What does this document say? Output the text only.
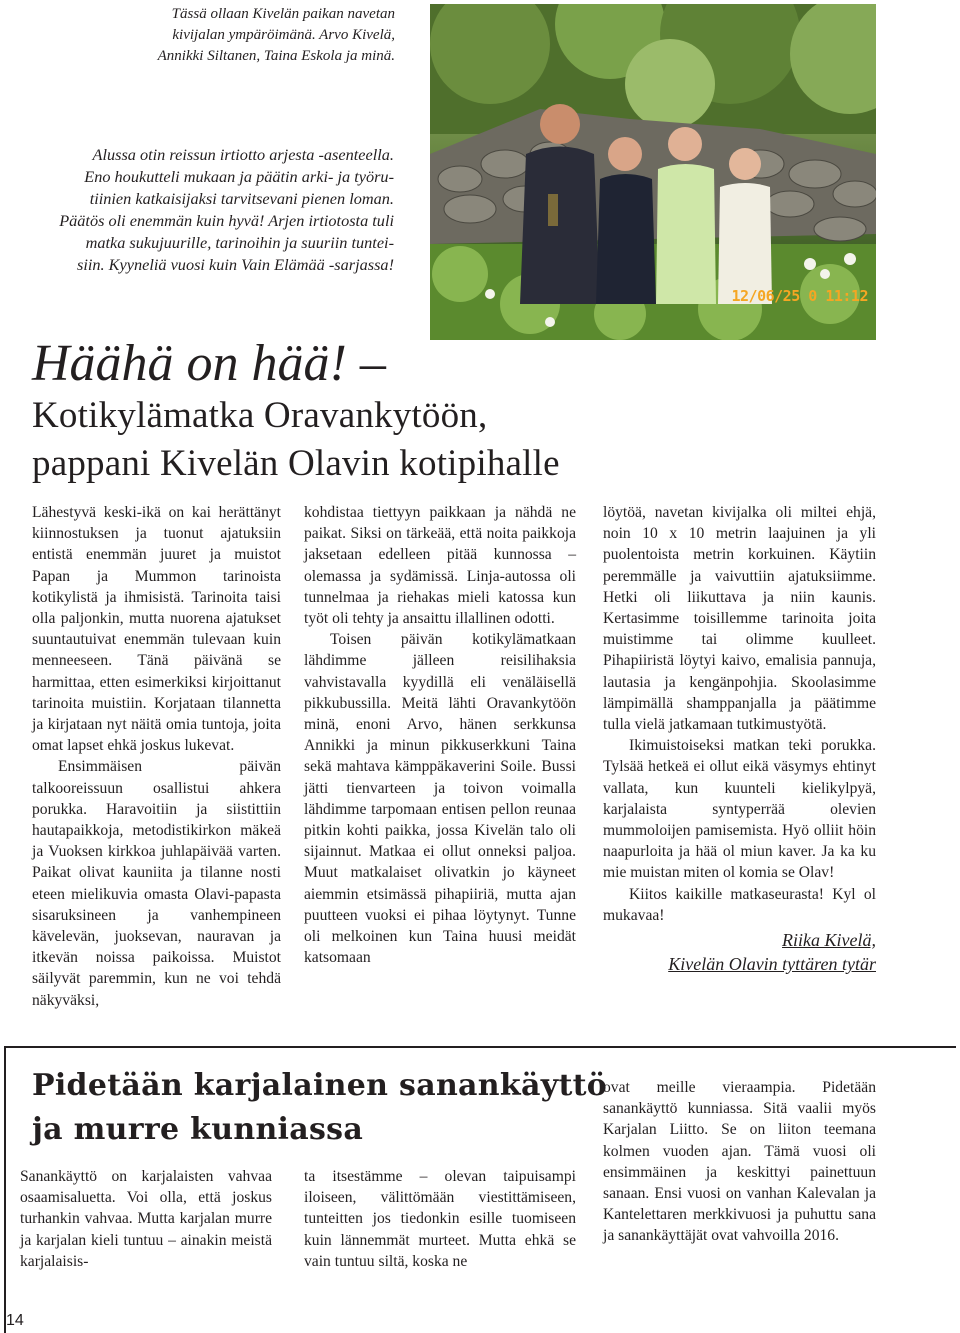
Tässä ollaan Kivelän paikan navetan
kivijalan ympäröimänä. Arvo Kivelä,
Annikki Siltanen, Taina Eskola ja minä.
Alussa otin reissun irtiotto arjesta -asenteella.
Eno houkutteli mukaan ja päätin arki- ja työru-
tiinien katkaisijaksi tarvitsevani pienen loman.
Päätös oli enemmän kuin hyvä! Arjen irtiotosta tuli
matka sukujuurille, tarinoihin ja suuriin tuntei-
siin. Kyyneliä vuosi kuin Vain Elämää -sarjassa!
12/06/25 0 11:12
Häähä on hää! –
Kotikylämatka Oravankytöön,
pappani Kivelän Olavin kotipihalle

Lähestyvä keski-ikä on kai herättänyt kiinnostuksen ja tuonut ajatuksiin entistä enemmän juuret ja muistot Papan ja Mummon tarinoista kotikylistä ja ihmisistä. Tarinoita taisi olla paljonkin, mutta nuorena ajatukset suuntautuivat enemmän tulevaan kuin menneeseen. Tänä päivänä se harmittaa, etten esimerkiksi kirjoittanut tarinoita muistiin. Korjataan tilannetta ja kirjataan nyt näitä omia tuntoja, joita omat lapset ehkä joskus lukevat.

Ensimmäisen päivän talkooreissuun osallistui ahkera porukka. Haravoitiin ja siistittiin hautapaikkoja, metodistikirkon mäkeä ja Vuoksen kirkkoa juhlapäivää varten. Paikat olivat kauniita ja tilanne nosti eteen mielikuvia omasta Olavi-papasta sisaruksineen ja vanhempineen kävelevän, juoksevan, nauravan ja itkevän noissa paikoissa. Muistot säilyvät paremmin, kun ne voi tehdä näkyväksi,

kohdistaa tiettyyn paikkaan ja nähdä ne paikat. Siksi on tärkeää, että noita paikkoja jaksetaan edelleen pitää kunnossa – olemassa ja sydämissä. Linja-autossa oli tunnelmaa ja riehakas mieli katossa kun työt oli tehty ja ansaittu illallinen odotti.

Toisen päivän kotikylämatkaan lähdimme jälleen reisilihaksia vahvistavalla kyydillä eli venäläisellä pikkubussilla. Meitä lähti Oravankytöön minä, enoni Arvo, hänen serkkunsa Annikki ja minun pikkuserkkuni Taina sekä mahtava kämppäkaverini Soile. Bussi jätti tienvarteen ja toivon voimalla lähdimme tarpomaan entisen pellon reunaa pitkin kohti paikka, jossa Kivelän talo oli sijainnut. Matkaa ei ollut onneksi paljoa. Muut matkalaiset olivatkin jo käyneet aiemmin etsimässä pihapiiriä, mutta ajan puutteen vuoksi ei pihaa löytynyt. Tunne oli melkoinen kun Taina huusi meidät katsomaan

löytöä, navetan kivijalka oli miltei ehjä, noin 10 x 10 metrin laajuinen ja yli puolentoista metrin korkuinen. Käytiin peremmälle ja vaivuttiin ajatuksiimme. Hetki oli liikuttava ja niin kaunis. Kertasimme toisillemme tarinoita joita muistimme tai olimme kuulleet. Pihapiiristä löytyi kaivo, emalisia pannuja, lautasia ja kengänpohjia. Skoolasimme lämpimällä shamppanjalla ja päätimme tulla vielä jatkamaan tutkimustyötä.

Ikimuistoiseksi matkan teki porukka. Tylsää hetkeä ei ollut eikä väsymys ehtinyt vallata, kun kuunteli kielikylpyä, karjalaista syntyperrää olevien mummoloijen pamisemista. Hyö olliit höin naapurloita ja hää ol miun kaver. Ja ka ku mie muistan miten ol komia se Olav!

Kiitos kaikille matkaseurasta! Kyl ol mukavaa!

Riika Kivelä,
Kivelän Olavin tyttären tytär
Pidetään karjalainen sanankäyttö
ja murre kunniassa

Sanankäyttö on karjalaisten vahvaa osaamisaluetta. Voi olla, että joskus turhankin vahvaa. Mutta karjalan murre ja karjalan kieli tuntuu – ainakin meistä karjalaisis-

ta itsestämme – olevan taipuisampi iloiseen, välittömään viestittämiseen, tunteitten jos tiedonkin esille tuomiseen kuin lännemmät murteet. Mutta ehkä se vain tuntuu siltä, koska ne

ovat meille vieraampia. Pidetään sanankäyttö kunniassa. Sitä vaalii myös Karjalan Liitto. Se on liiton teemana kolmen vuoden ajan. Tämä vuosi oli ensimmäinen ja keskittyi painettuun sanaan. Ensi vuosi on vanhan Kalevalan ja Kantelettaren merkkivuosi ja puhuttu sana ja sanankäyttäjät ovat vahvoilla 2016.

14
